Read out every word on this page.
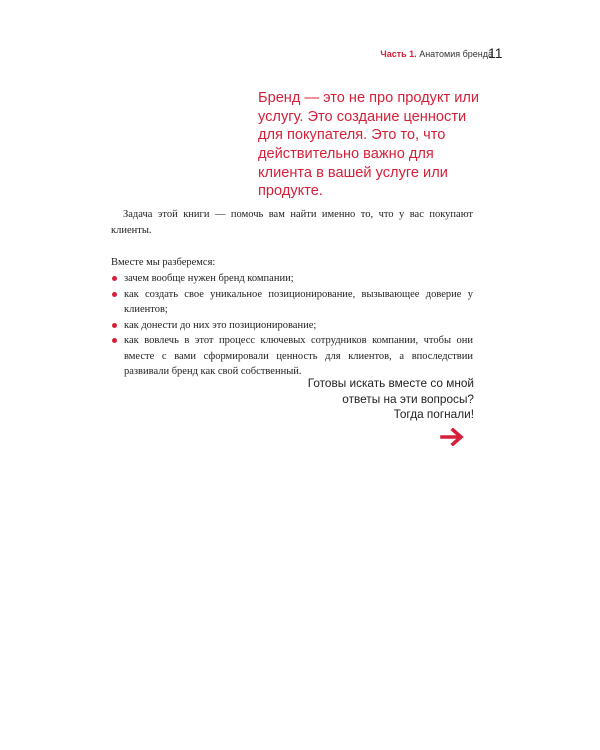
Часть 1. Анатомия бренда
11
Бренд — это не про продукт или услугу. Это создание ценности для покупателя. Это то, что действительно важно для клиента в вашей услуге или продукте.
Задача этой книги — помочь вам найти именно то, что у вас покупают клиенты.
Вместе мы разберемся:
зачем вообще нужен бренд компании;
как создать свое уникальное позиционирование, вызывающее доверие у клиентов;
как донести до них это позиционирование;
как вовлечь в этот процесс ключевых сотрудников компании, чтобы они вместе с вами сформировали ценность для клиентов, а впоследствии развивали бренд как свой собственный.
Готовы искать вместе со мной
ответы на эти вопросы?
Тогда погнали!
